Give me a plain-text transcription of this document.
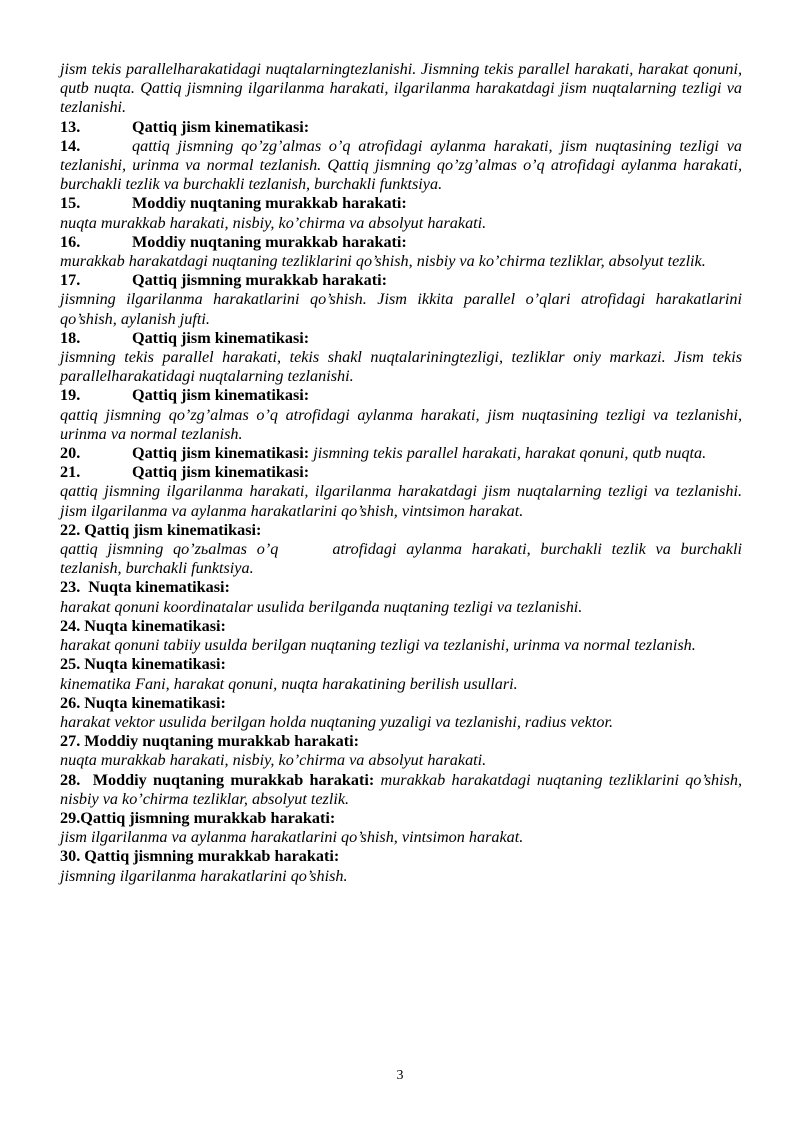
jism tekis parallelharakatidagi nuqtalarningtezlanishi. Jismning tekis parallel harakati, harakat qonuni, qutb nuqta. Qattiq jismning ilgarilanma harakati, ilgarilanma harakatdagi jism nuqtalarning tezligi va tezlanishi.

13.	Qattiq jism kinematikasi:

14.	qattiq jismning qo’zg’almas o’q atrofidagi aylanma harakati, jism nuqtasining tezligi va tezlanishi, urinma va normal tezlanish. Qattiq jismning qo’zg’almas o’q atrofidagi aylanma harakati, burchakli tezlik va burchakli tezlanish, burchakli funktsiya.

15.	Moddiy nuqtaning murakkab harakati:

nuqta murakkab harakati, nisbiy, ko’chirma va absolyut harakati.

16.	Moddiy nuqtaning murakkab harakati:

murakkab harakatdagi nuqtaning tezliklarini qo’shish, nisbiy va ko’chirma tezliklar, absolyut tezlik.

17.	Qattiq jismning murakkab harakati:

jismning ilgarilanma harakatlarini qo’shish. Jism ikkita parallel o’qlari atrofidagi harakatlarini qo’shish, aylanish jufti.

18.	Qattiq jism kinematikasi:

jismning tekis parallel harakati, tekis shakl nuqtalariningtezligi, tezliklar oniy markazi. Jism tekis parallelharakatidagi nuqtalarning tezlanishi.

19.	Qattiq jism kinematikasi:

qattiq jismning qo’zg’almas o’q atrofidagi aylanma harakati, jism nuqtasining tezligi va tezlanishi, urinma va normal tezlanish.

20.	Qattiq jism kinematikasi: jismning tekis parallel harakati, harakat qonuni, qutb nuqta.

21.	Qattiq jism kinematikasi:

qattiq jismning ilgarilanma harakati, ilgarilanma harakatdagi jism nuqtalarning tezligi va tezlanishi. jism ilgarilanma va aylanma harakatlarini qo’shish, vintsimon harakat.

22. Qattiq jism kinematikasi:

qattiq jismning qo’zьalmas o’q	atrofidagi aylanma harakati, burchakli tezlik va burchakli tezlanish, burchakli funktsiya.

23. Nuqta kinematikasi:

harakat qonuni koordinatalar usulida berilganda nuqtaning tezligi va tezlanishi.

24. Nuqta kinematikasi:

harakat qonuni tabiiy usulda berilgan nuqtaning tezligi va tezlanishi, urinma va normal tezlanish.

25. Nuqta kinematikasi:

kinematika Fani, harakat qonuni, nuqta harakatining berilish usullari.

26. Nuqta kinematikasi:

harakat vektor usulida berilgan holda nuqtaning yuzaligi va tezlanishi, radius vektor.

27. Moddiy nuqtaning murakkab harakati:

nuqta murakkab harakati, nisbiy, ko’chirma va absolyut harakati.

28. Moddiy nuqtaning murakkab harakati: murakkab harakatdagi nuqtaning tezliklarini qo’shish, nisbiy va ko’chirma tezliklar, absolyut tezlik.

29.Qattiq jismning murakkab harakati:

jism ilgarilanma va aylanma harakatlarini qo’shish, vintsimon harakat.

30. Qattiq jismning murakkab harakati:

jismning ilgarilanma harakatlarini qo’shish.

3
